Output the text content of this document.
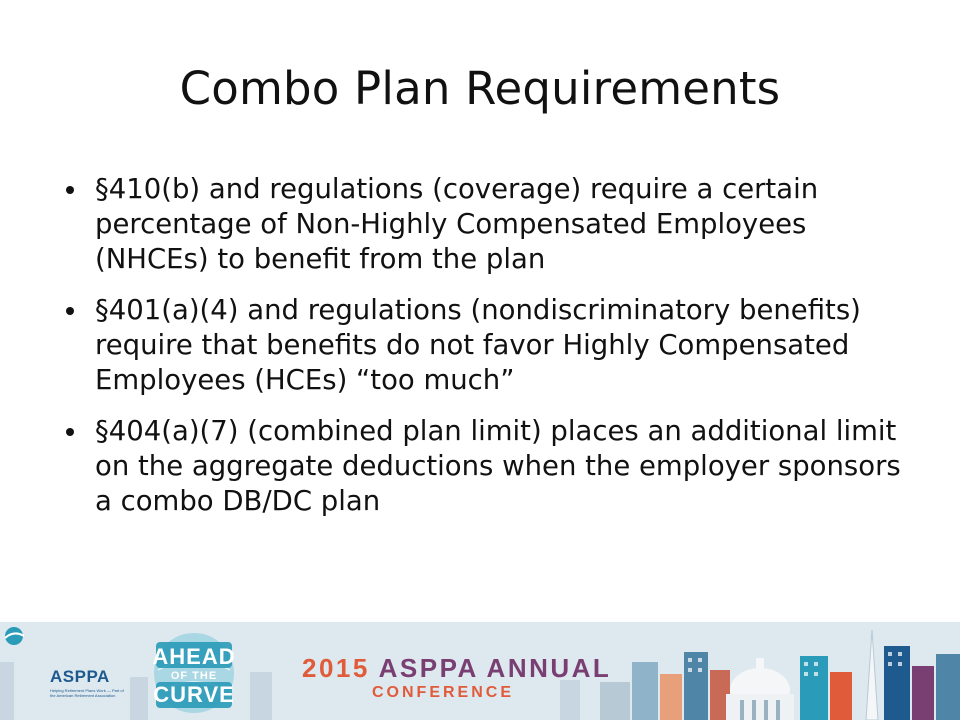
Combo Plan Requirements
§410(b) and regulations (coverage) require a certain percentage of Non-Highly Compensated Employees (NHCEs) to benefit from the plan
§401(a)(4) and regulations (nondiscriminatory benefits) require that benefits do not favor Highly Compensated Employees (HCEs) “too much”
§404(a)(7) (combined plan limit) places an additional limit on the aggregate deductions when the employer sponsors a combo DB/DC plan
ASPPA
Helping Retirement Plans Work — Part of the American Retirement Association
AHEAD
OF THE
CURVE
2015 ASPPA ANNUAL
CONFERENCE
